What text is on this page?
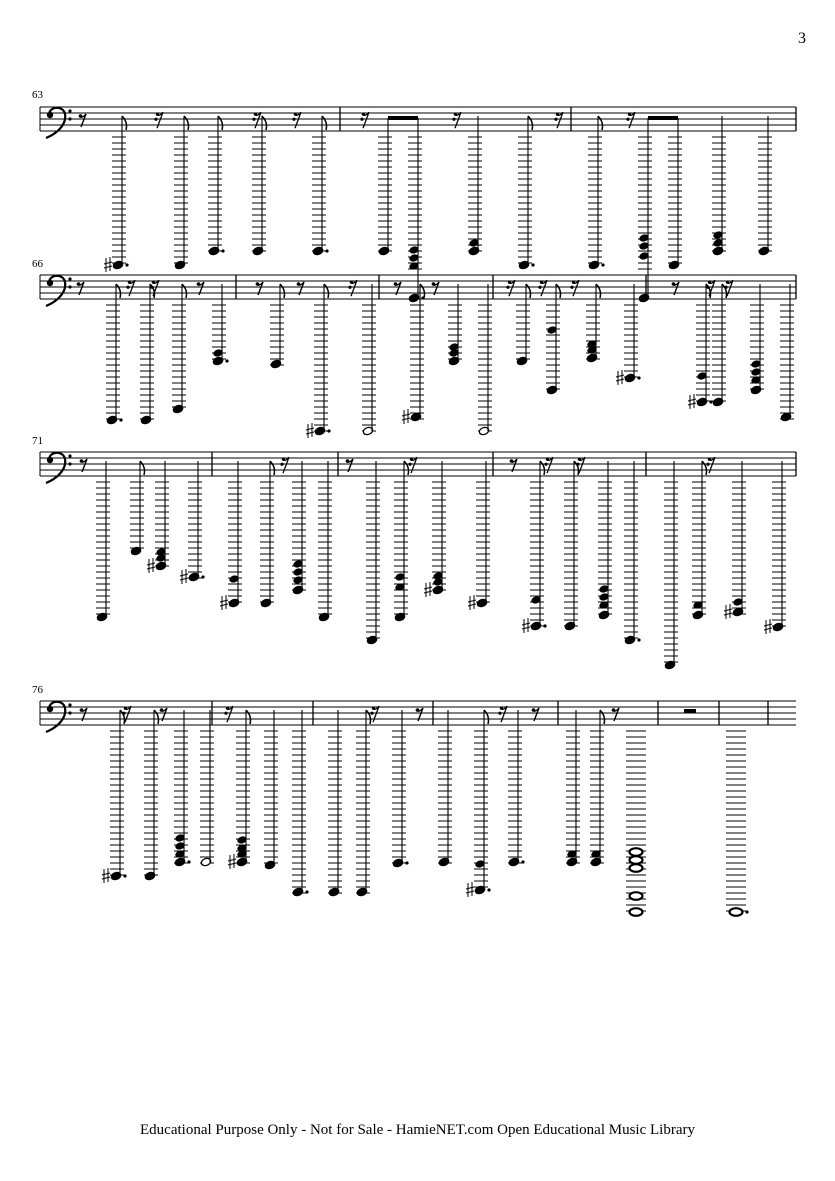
3
63
66
71
76
Educational Purpose Only - Not for Sale - HamieNET.com Open Educational Music Library
